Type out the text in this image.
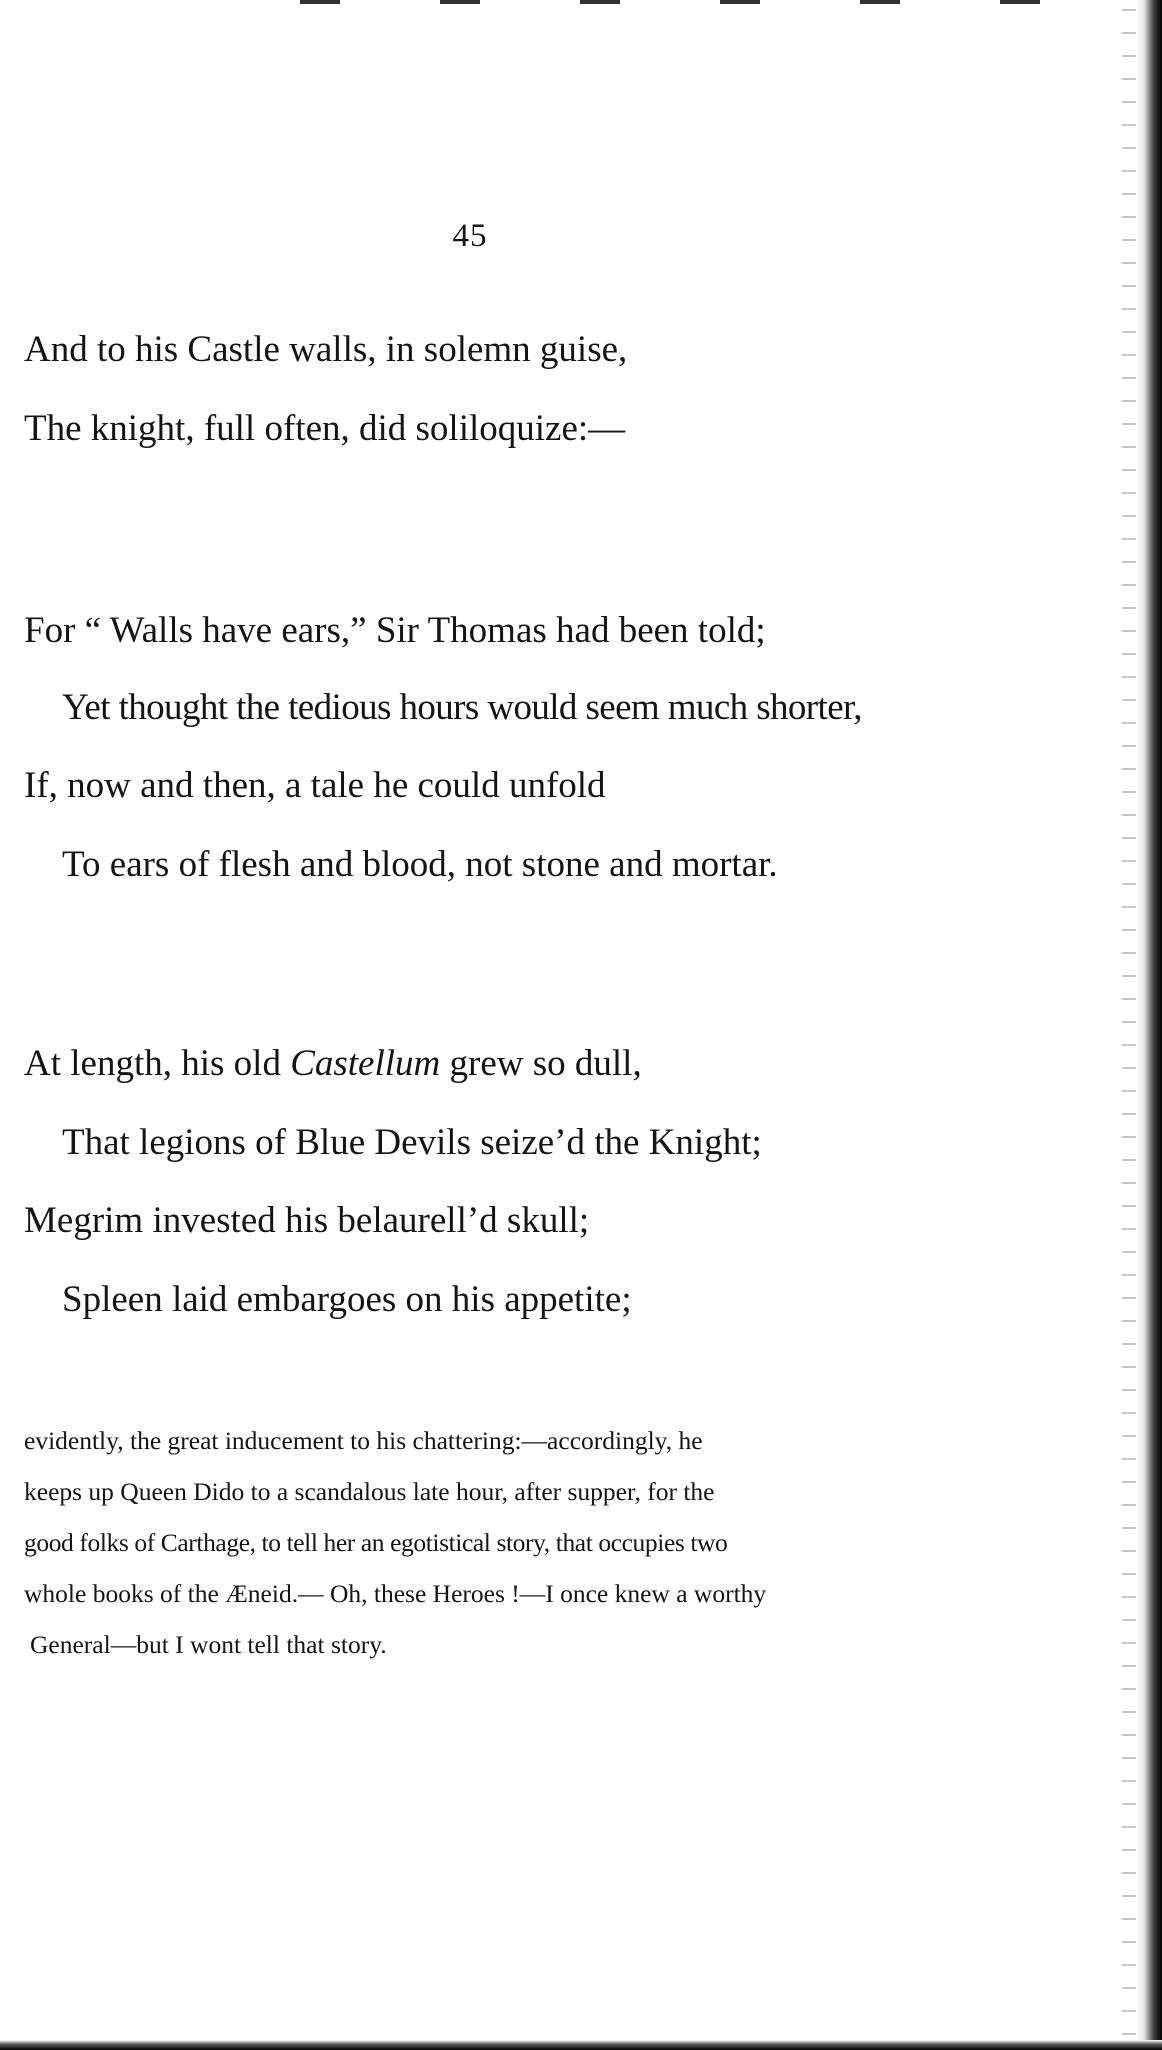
45
And to his Castle walls, in solemn guise,
The knight, full often, did soliloquize:—
For “ Walls have ears,” Sir Thomas had been told;
Yet thought the tedious hours would seem much shorter,
If, now and then, a tale he could unfold
To ears of flesh and blood, not stone and mortar.
At length, his old Castellum grew so dull,
That legions of Blue Devils seize’d the Knight;
Megrim invested his belaurell’d skull;
Spleen laid embargoes on his appetite;
evidently, the great inducement to his chattering:—accordingly, he
keeps up Queen Dido to a scandalous late hour, after supper, for the
good folks of Carthage, to tell her an egotistical story, that occupies two
whole books of the Æneid.— Oh, these Heroes !—I once knew a worthy
General—but I wont tell that story.
